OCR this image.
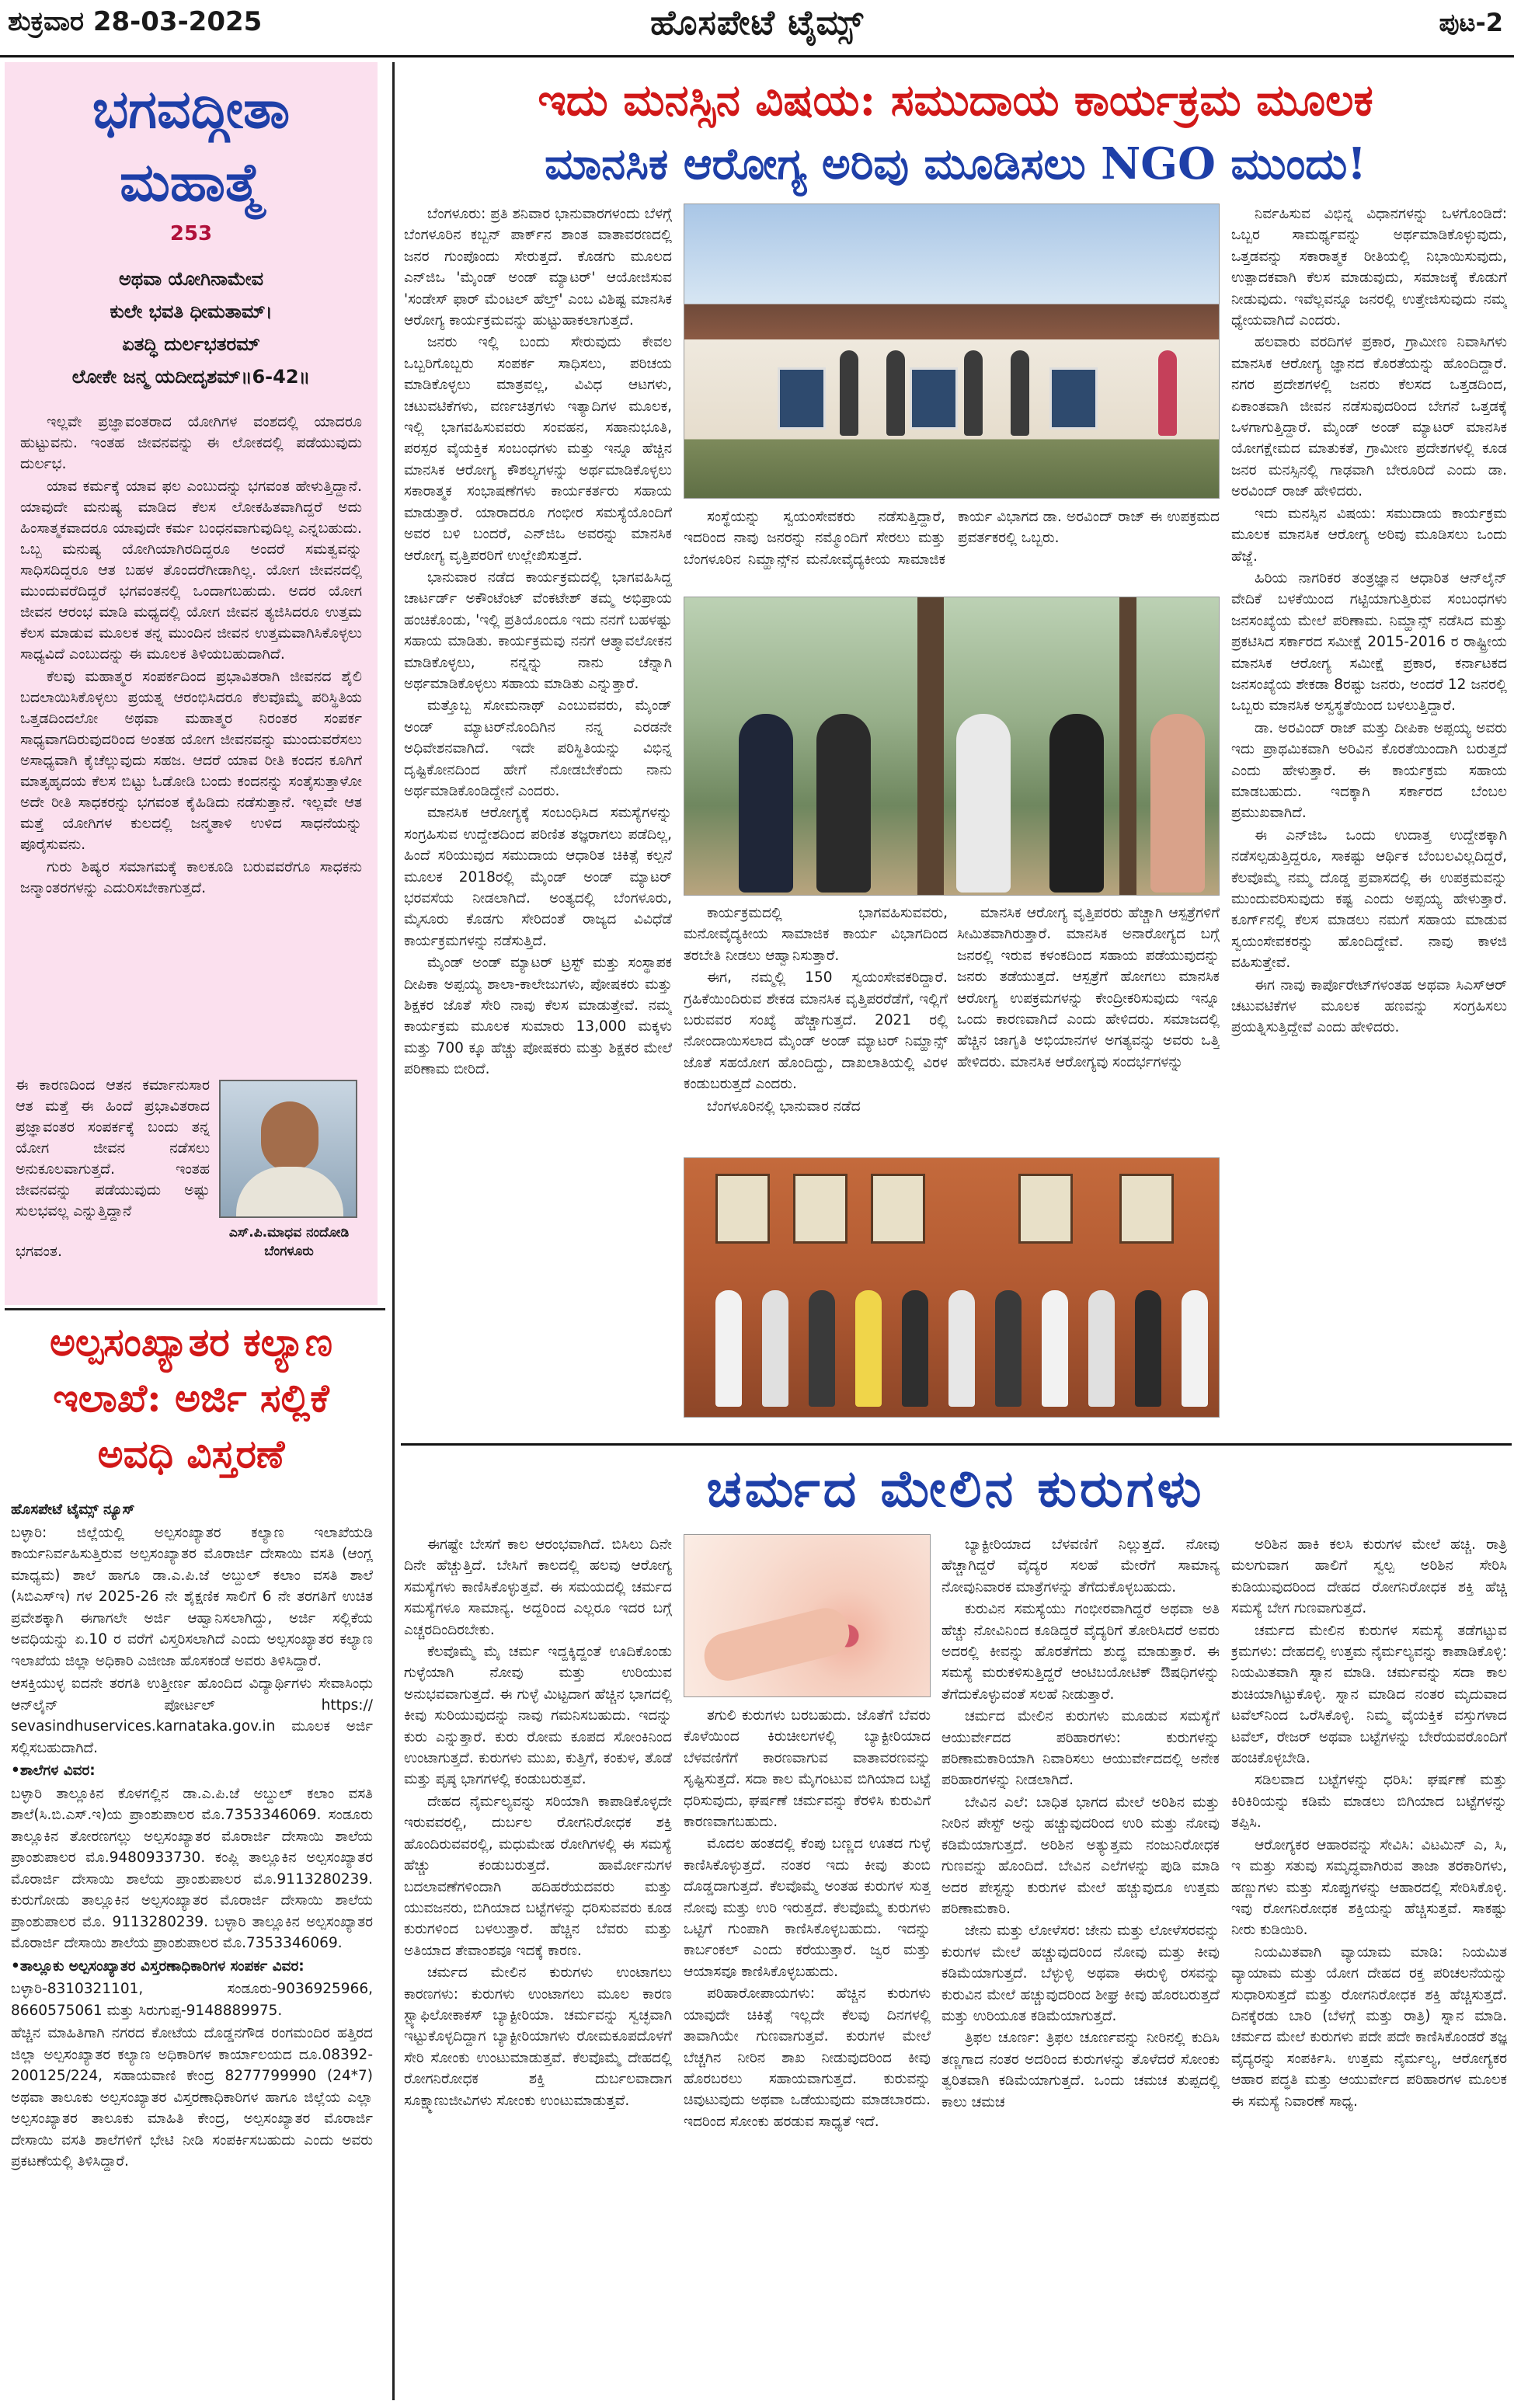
ಶುಕ್ರವಾರ 28-03-2025	ಹೊಸಪೇಟೆ ಟೈಮ್ಸ್	ಪುಟ-2
ಭಗವದ್ಗೀತಾ
ಮಹಾತ್ಮೆ
253
ಅಥವಾ ಯೋಗಿನಾಮೇವ
ಕುಲೇ ಭವತಿ ಧೀಮತಾಮ್।
ಏತದ್ಧಿ ದುರ್ಲಭತರಮ್
ಲೋಕೇ ಜನ್ಮ ಯದೀದೃಶಮ್॥6-42॥

ಇಲ್ಲವೇ ಪ್ರಜ್ಞಾವಂತರಾದ ಯೋಗಿಗಳ ವಂಶದಲ್ಲಿ ಯಾದರೂ ಹುಟ್ಟುವನು. ಇಂತಹ ಜೀವನವನ್ನು ಈ ಲೋಕದಲ್ಲಿ ಪಡೆಯುವುದು ದುರ್ಲಭ.

ಯಾವ ಕರ್ಮಕ್ಕೆ ಯಾವ ಫಲ ಎಂಬುದನ್ನು ಭಗವಂತ ಹೇಳುತ್ತಿದ್ದಾನೆ. ಯಾವುದೇ ಮನುಷ್ಯ ಮಾಡಿದ ಕೆಲಸ ಲೋಕಹಿತವಾಗಿದ್ದರೆ ಅದು ಹಿಂಸಾತ್ಮಕವಾದರೂ ಯಾವುದೇ ಕರ್ಮ ಬಂಧನವಾಗುವುದಿಲ್ಲ ಎನ್ನಬಹುದು. ಒಬ್ಬ ಮನುಷ್ಯ ಯೋಗಿಯಾಗಿರದಿದ್ದರೂ ಅಂದರೆ ಸಮತ್ವವನ್ನು ಸಾಧಿಸದಿದ್ದರೂ ಆತ ಬಹಳ ತೊಂದರೆಗೀಡಾಗಿಲ್ಲ. ಯೋಗ ಜೀವನದಲ್ಲಿ ಮುಂದುವರೆದಿದ್ದರೆ ಭಗವಂತನಲ್ಲಿ ಒಂದಾಗಬಹುದು. ಅದರ ಯೋಗ ಜೀವನ ಆರಂಭ ಮಾಡಿ ಮಧ್ಯದಲ್ಲಿ ಯೋಗ ಜೀವನ ತ್ಯಜಿಸಿದರೂ ಉತ್ತಮ ಕೆಲಸ ಮಾಡುವ ಮೂಲಕ ತನ್ನ ಮುಂದಿನ ಜೀವನ ಉತ್ತಮವಾಗಿಸಿಕೊಳ್ಳಲು ಸಾಧ್ಯವಿದೆ ಎಂಬುದನ್ನು ಈ ಮೂಲಕ ತಿಳಿಯಬಹುದಾಗಿದೆ.

ಕೆಲವು ಮಹಾತ್ಮರ ಸಂಪರ್ಕದಿಂದ ಪ್ರಭಾವಿತರಾಗಿ ಜೀವನದ ಶೈಲಿ ಬದಲಾಯಿಸಿಕೊಳ್ಳಲು ಪ್ರಯತ್ನ ಆರಂಭಿಸಿದರೂ ಕೆಲವೊಮ್ಮೆ ಪರಿಸ್ಥಿತಿಯ ಒತ್ತಡದಿಂದಲೋ ಅಥವಾ ಮಹಾತ್ಮರ ನಿರಂತರ ಸಂಪರ್ಕ ಸಾಧ್ಯವಾಗದಿರುವುದರಿಂದ ಅಂತಹ ಯೋಗ ಜೀವನವನ್ನು ಮುಂದುವರೆಸಲು ಅಸಾಧ್ಯವಾಗಿ ಕೈಚೆಲ್ಲುವುದು ಸಹಜ. ಆದರೆ ಯಾವ ರೀತಿ ಕಂದನ ಕೂಗಿಗೆ ಮಾತೃಹೃದಯ ಕೆಲಸ ಬಿಟ್ಟು ಓಡೋಡಿ ಬಂದು ಕಂದನನ್ನು ಸಂತೈಸುತ್ತಾಳೋ ಅದೇ ರೀತಿ ಸಾಧಕರನ್ನು ಭಗವಂತ ಕೈಹಿಡಿದು ನಡೆಸುತ್ತಾನೆ. ಇಲ್ಲವೇ ಆತ ಮತ್ತೆ ಯೋಗಿಗಳ ಕುಲದಲ್ಲಿ ಜನ್ಮತಾಳಿ ಉಳಿದ ಸಾಧನೆಯನ್ನು ಪೂರೈಸುವನು.

ಗುರು ಶಿಷ್ಯರ ಸಮಾಗಮಕ್ಕೆ ಕಾಲಕೂಡಿ ಬರುವವರೆಗೂ ಸಾಧಕನು ಜನ್ಮಾಂತರಗಳನ್ನು ಎದುರಿಸಬೇಕಾಗುತ್ತದೆ.

ಈ ಕಾರಣದಿಂದ ಆತನ ಕರ್ಮಾನುಸಾರ ಆತ ಮತ್ತೆ ಈ ಹಿಂದೆ ಪ್ರಭಾವಿತರಾದ ಪ್ರಜ್ಞಾವಂತರ ಸಂಪರ್ಕಕ್ಕೆ ಬಂದು ತನ್ನ ಯೋಗ ಜೀವನ ನಡೆಸಲು ಅನುಕೂಲವಾಗುತ್ತದೆ. ಇಂತಹ ಜೀವನವನ್ನು ಪಡೆಯುವುದು ಅಷ್ಟು ಸುಲಭವಲ್ಲ ಎನ್ನುತ್ತಿದ್ದಾನೆ
ಎಸ್.ಪಿ.ಮಾಧವ ನಂದೋಡಿ
ಬೆಂಗಳೂರು
ಭಗವಂತ.
ಅಲ್ಪಸಂಖ್ಯಾತರ ಕಲ್ಯಾಣ
ಇಲಾಖೆ: ಅರ್ಜಿ ಸಲ್ಲಿಕೆ
ಅವಧಿ ವಿಸ್ತರಣೆ

ಹೊಸಪೇಟೆ ಟೈಮ್ಸ್ ನ್ಯೂಸ್

ಬಳ್ಳಾರಿ: ಜಿಲ್ಲೆಯಲ್ಲಿ ಅಲ್ಪಸಂಖ್ಯಾತರ ಕಲ್ಯಾಣ ಇಲಾಖೆಯಡಿ ಕಾರ್ಯನಿರ್ವಹಿಸುತ್ತಿರುವ ಅಲ್ಪಸಂಖ್ಯಾತರ ಮೊರಾರ್ಜಿ ದೇಸಾಯಿ ವಸತಿ (ಆಂಗ್ಲ ಮಾಧ್ಯಮ) ಶಾಲೆ ಹಾಗೂ ಡಾ.ಎ.ಪಿ.ಜೆ ಅಬ್ದುಲ್ ಕಲಾಂ ವಸತಿ ಶಾಲೆ (ಸಿಬಿಎಸ್‌ಇ) ಗಳ 2025-26 ನೇ ಶೈಕ್ಷಣಿಕ ಸಾಲಿಗೆ 6 ನೇ ತರಗತಿಗೆ ಉಚಿತ ಪ್ರವೇಶಕ್ಕಾಗಿ ಈಗಾಗಲೇ ಅರ್ಜಿ ಆಹ್ವಾನಿಸಲಾಗಿದ್ದು, ಅರ್ಜಿ ಸಲ್ಲಿಕೆಯ ಅವಧಿಯನ್ನು ಏ.10 ರ ವರೆಗೆ ವಿಸ್ತರಿಸಲಾಗಿದೆ ಎಂದು ಅಲ್ಪಸಂಖ್ಯಾತರ ಕಲ್ಯಾಣ ಇಲಾಖೆಯ ಜಿಲ್ಲಾ ಅಧಿಕಾರಿ ಎಜೀಜಾ ಹೊಸಕಂಡೆ ಅವರು ತಿಳಿಸಿದ್ದಾರೆ.

ಆಸಕ್ತಿಯುಳ್ಳ ಐದನೇ ತರಗತಿ ಉತ್ತೀರ್ಣ ಹೊಂದಿದ ವಿದ್ಯಾರ್ಥಿಗಳು ಸೇವಾಸಿಂಧು ಆನ್‌ಲೈನ್ ಪೋರ್ಟಲ್ https:// sevasindhuservices.karnataka.gov.in ಮೂಲಕ ಅರ್ಜಿ ಸಲ್ಲಿಸಬಹುದಾಗಿದೆ.

•ಶಾಲೆಗಳ ವಿವರ:

ಬಳ್ಳಾರಿ ತಾಲ್ಲೂಕಿನ ಕೊಳಗಲ್ಲಿನ ಡಾ.ಎ.ಪಿ.ಜೆ ಅಬ್ದುಲ್ ಕಲಾಂ ವಸತಿ ಶಾಲೆ(ಸಿ.ಬಿ.ಎಸ್.ಇ)ಯ ಪ್ರಾಂಶುಪಾಲರ ಮೊ.7353346069. ಸಂಡೂರು ತಾಲ್ಲೂಕಿನ ತೋರಣಗಲ್ಲು ಅಲ್ಪಸಂಖ್ಯಾತರ ಮೊರಾರ್ಜಿ ದೇಸಾಯಿ ಶಾಲೆಯ ಪ್ರಾಂಶುಪಾಲರ ಮೊ.9480933730. ಕಂಪ್ಲಿ ತಾಲ್ಲೂಕಿನ ಅಲ್ಪಸಂಖ್ಯಾತರ ಮೊರಾರ್ಜಿ ದೇಸಾಯಿ ಶಾಲೆಯ ಪ್ರಾಂಶುಪಾಲರ ಮೊ.9113280239. ಕುರುಗೋಡು ತಾಲ್ಲೂಕಿನ ಅಲ್ಪಸಂಖ್ಯಾತರ ಮೊರಾರ್ಜಿ ದೇಸಾಯಿ ಶಾಲೆಯ ಪ್ರಾಂಶುಪಾಲರ ಮೊ. 9113280239. ಬಳ್ಳಾರಿ ತಾಲ್ಲೂಕಿನ ಅಲ್ಪಸಂಖ್ಯಾತರ ಮೊರಾರ್ಜಿ ದೇಸಾಯಿ ಶಾಲೆಯ ಪ್ರಾಂಶುಪಾಲರ ಮೊ.7353346069.

•ತಾಲ್ಲೂಕು ಅಲ್ಪಸಂಖ್ಯಾತರ ವಿಸ್ತರಣಾಧಿಕಾರಿಗಳ ಸಂಪರ್ಕ ವಿವರ:

ಬಳ್ಳಾರಿ-8310321101, ಸಂಡೂರು-9036925966, 8660575061 ಮತ್ತು ಸಿರುಗುಪ್ಪ-9148889975.

ಹೆಚ್ಚಿನ ಮಾಹಿತಿಗಾಗಿ ನಗರದ ಕೋಟೆಯ ದೊಡ್ಡನಗೌಡ ರಂಗಮಂದಿರ ಹತ್ತಿರದ ಜಿಲ್ಲಾ ಅಲ್ಪಸಂಖ್ಯಾತರ ಕಲ್ಯಾಣ ಅಧಿಕಾರಿಗಳ ಕಾರ್ಯಾಲಯದ ದೂ.08392-200125/224, ಸಹಾಯವಾಣಿ ಕೇಂದ್ರ 8277799990 (24*7) ಅಥವಾ ತಾಲೂಕು ಅಲ್ಪಸಂಖ್ಯಾತರ ವಿಸ್ತರಣಾಧಿಕಾರಿಗಳ ಹಾಗೂ ಜಿಲ್ಲೆಯ ಎಲ್ಲಾ ಅಲ್ಪಸಂಖ್ಯಾತರ ತಾಲೂಕು ಮಾಹಿತಿ ಕೇಂದ್ರ, ಅಲ್ಪಸಂಖ್ಯಾತರ ಮೊರಾರ್ಜಿ ದೇಸಾಯಿ ವಸತಿ ಶಾಲೆಗಳಿಗೆ ಭೇಟಿ ನೀಡಿ ಸಂಪರ್ಕಿಸಬಹುದು ಎಂದು ಅವರು ಪ್ರಕಟಣೆಯಲ್ಲಿ ತಿಳಿಸಿದ್ದಾರೆ.

ಇದು ಮನಸ್ಸಿನ ವಿಷಯ: ಸಮುದಾಯ ಕಾರ್ಯಕ್ರಮ ಮೂಲಕ
ಮಾನಸಿಕ ಆರೋಗ್ಯ ಅರಿವು ಮೂಡಿಸಲು NGO ಮುಂದು!

ಬೆಂಗಳೂರು: ಪ್ರತಿ ಶನಿವಾರ ಭಾನುವಾರಗಳಂದು ಬೆಳಗ್ಗೆ ಬೆಂಗಳೂರಿನ ಕಬ್ಬನ್ ಪಾರ್ಕ್‌ನ ಶಾಂತ ವಾತಾವರಣದಲ್ಲಿ ಜನರ ಗುಂಪೊಂದು ಸೇರುತ್ತದೆ. ಕೊಡಗು ಮೂಲದ ಎನ್‌ಜಿಒ 'ಮೈಂಡ್ ಅಂಡ್ ಮ್ಯಾಟರ್' ಆಯೋಜಿಸುವ 'ಸಂಡೇಸ್ ಫಾರ್ ಮೆಂಟಲ್ ಹೆಲ್ತ್' ಎಂಬ ವಿಶಿಷ್ಟ ಮಾನಸಿಕ ಆರೋಗ್ಯ ಕಾರ್ಯಕ್ರಮವನ್ನು ಹುಟ್ಟುಹಾಕಲಾಗುತ್ತದೆ.

ಜನರು ಇಲ್ಲಿ ಬಂದು ಸೇರುವುದು ಕೇವಲ ಒಬ್ಬರಿಗೊಬ್ಬರು ಸಂಪರ್ಕ ಸಾಧಿಸಲು, ಪರಿಚಯ ಮಾಡಿಕೊಳ್ಳಲು ಮಾತ್ರವಲ್ಲ, ವಿವಿಧ ಆಟಗಳು, ಚಟುವಟಿಕೆಗಳು, ವರ್ಣಚಿತ್ರಗಳು ಇತ್ಯಾದಿಗಳ ಮೂಲಕ, ಇಲ್ಲಿ ಭಾಗವಹಿಸುವವರು ಸಂವಹನ, ಸಹಾನುಭೂತಿ, ಪರಸ್ಪರ ವೈಯಕ್ತಿಕ ಸಂಬಂಧಗಳು ಮತ್ತು ಇನ್ನೂ ಹೆಚ್ಚಿನ ಮಾನಸಿಕ ಆರೋಗ್ಯ ಕೌಶಲ್ಯಗಳನ್ನು ಅರ್ಥಮಾಡಿಕೊಳ್ಳಲು ಸಕಾರಾತ್ಮಕ ಸಂಭಾಷಣೆಗಳು ಕಾರ್ಯಕರ್ತರು ಸಹಾಯ ಮಾಡುತ್ತಾರೆ. ಯಾರಾದರೂ ಗಂಭೀರ ಸಮಸ್ಯೆಯೊಂದಿಗೆ ಅವರ ಬಳಿ ಬಂದರೆ, ಎನ್‌ಜಿಒ ಅವರನ್ನು ಮಾನಸಿಕ ಆರೋಗ್ಯ ವೃತ್ತಿಪರರಿಗೆ ಉಲ್ಲೇಖಿಸುತ್ತದೆ.

ಭಾನುವಾರ ನಡೆದ ಕಾರ್ಯಕ್ರಮದಲ್ಲಿ ಭಾಗವಹಿಸಿದ್ದ ಚಾರ್ಟರ್ಡ್ ಅಕೌಂಟೆಂಟ್ ವೆಂಕಟೇಶ್ ತಮ್ಮ ಅಭಿಪ್ರಾಯ ಹಂಚಿಕೊಂಡು, 'ಇಲ್ಲಿ ಪ್ರತಿಯೊಂದೂ ಇದು ನನಗೆ ಬಹಳಷ್ಟು ಸಹಾಯ ಮಾಡಿತು. ಕಾರ್ಯಕ್ರಮವು ನನಗೆ ಆತ್ಮಾವಲೋಕನ ಮಾಡಿಕೊಳ್ಳಲು, ನನ್ನನ್ನು ನಾನು ಚೆನ್ನಾಗಿ ಅರ್ಥಮಾಡಿಕೊಳ್ಳಲು ಸಹಾಯ ಮಾಡಿತು ಎನ್ನುತ್ತಾರೆ.

ಮತ್ತೊಬ್ಬ ಸೋಮನಾಥ್ ಎಂಬುವವರು, ಮೈಂಡ್ ಅಂಡ್ ಮ್ಯಾಟರ್‌ನೊಂದಿಗಿನ ನನ್ನ ಎರಡನೇ ಅಧಿವೇಶನವಾಗಿದೆ. ಇದೇ ಪರಿಸ್ಥಿತಿಯನ್ನು ವಿಭಿನ್ನ ದೃಷ್ಟಿಕೋನದಿಂದ ಹೇಗೆ ನೋಡಬೇಕೆಂದು ನಾನು ಅರ್ಥಮಾಡಿಕೊಂಡಿದ್ದೇನೆ ಎಂದರು.

ಮಾನಸಿಕ ಆರೋಗ್ಯಕ್ಕೆ ಸಂಬಂಧಿಸಿದ ಸಮಸ್ಯೆಗಳನ್ನು ಸಂಗ್ರಹಿಸುವ ಉದ್ದೇಶದಿಂದ ಪರಿಣಿತ ತಜ್ಞರಾಗಲು ಪಡೆದಿಲ್ಲ, ಹಿಂದೆ ಸರಿಯುವುದ ಸಮುದಾಯ ಆಧಾರಿತ ಚಿಕಿತ್ಸೆ ಕಲ್ಪನೆ ಮೂಲಕ 2018ರಲ್ಲಿ ಮೈಂಡ್ ಅಂಡ್ ಮ್ಯಾಟರ್ ಭರವಸೆಯ ನೀಡಲಾಗಿದೆ. ಅಂತ್ಯದಲ್ಲಿ ಬೆಂಗಳೂರು, ಮೈಸೂರು ಕೊಡಗು ಸೇರಿದಂತೆ ರಾಜ್ಯದ ವಿವಿಧೆಡೆ ಕಾರ್ಯಕ್ರಮಗಳನ್ನು ನಡೆಸುತ್ತಿದೆ.

ಮೈಂಡ್ ಅಂಡ್ ಮ್ಯಾಟರ್ ಟ್ರಸ್ಟ್ ಮತ್ತು ಸಂಸ್ಥಾಪಕ ದೀಪಿಕಾ ಅಪ್ಪಯ್ಯ ಶಾಲಾ-ಕಾಲೇಜುಗಳು, ಪೋಷಕರು ಮತ್ತು ಶಿಕ್ಷಕರ ಜೊತೆ ಸೇರಿ ನಾವು ಕೆಲಸ ಮಾಡುತ್ತೇವೆ. ನಮ್ಮ ಕಾರ್ಯಕ್ರಮ ಮೂಲಕ ಸುಮಾರು 13,000 ಮಕ್ಕಳು ಮತ್ತು 700 ಕ್ಕೂ ಹೆಚ್ಚು ಪೋಷಕರು ಮತ್ತು ಶಿಕ್ಷಕರ ಮೇಲೆ ಪರಿಣಾಮ ಬೀರಿದೆ.

ಸಂಸ್ಥೆಯನ್ನು ಸ್ವಯಂಸೇವಕರು ನಡೆಸುತ್ತಿದ್ದಾರೆ, ಇದರಿಂದ ನಾವು ಜನರನ್ನು ನಮ್ಮೊಂದಿಗೆ ಸೇರಲು ಮತ್ತು ಬೆಂಗಳೂರಿನ ನಿಮ್ಹಾನ್ಸ್‌ನ ಮನೋವೈದ್ಯಕೀಯ ಸಾಮಾಜಿಕ ಕಾರ್ಯ ವಿಭಾಗದ ಡಾ. ಅರವಿಂದ್ ರಾಜ್ ಈ ಉಪಕ್ರಮದ ಪ್ರವರ್ತಕರಲ್ಲಿ ಒಬ್ಬರು.

ಕಾರ್ಯಕ್ರಮದಲ್ಲಿ ಭಾಗವಹಿಸುವವರು, ಮನೋವೈದ್ಯಕೀಯ ಸಾಮಾಜಿಕ ಕಾರ್ಯ ವಿಭಾಗದಿಂದ ತರಬೇತಿ ನೀಡಲು ಆಹ್ವಾನಿಸುತ್ತಾರೆ.

ಈಗ, ನಮ್ಮಲ್ಲಿ 150 ಸ್ವಯಂಸೇವಕರಿದ್ದಾರೆ. ಗ್ರಹಿಕೆಯಿಂದಿರುವ ಶೇಕಡ ಮಾನಸಿಕ ವೃತ್ತಿಪರರೆಡೆಗೆ, ಇಲ್ಲಿಗೆ ಬರುವವರ ಸಂಖ್ಯೆ ಹೆಚ್ಚಾಗುತ್ತದೆ. 2021 ರಲ್ಲಿ ನೋಂದಾಯಿಸಲಾದ ಮೈಂಡ್ ಅಂಡ್ ಮ್ಯಾಟರ್ ನಿಮ್ಹಾನ್ಸ್ ಜೊತೆ ಸಹಯೋಗ ಹೊಂದಿದ್ದು, ದಾಖಲಾತಿಯಲ್ಲಿ ವಿರಳ ಕಂಡುಬರುತ್ತದೆ ಎಂದರು.

ಬೆಂಗಳೂರಿನಲ್ಲಿ ಭಾನುವಾರ ನಡೆದ

ಮಾನಸಿಕ ಆರೋಗ್ಯ ವೃತ್ತಿಪರರು ಹೆಚ್ಚಾಗಿ ಆಸ್ಪತ್ರೆಗಳಿಗೆ ಸೀಮಿತವಾಗಿರುತ್ತಾರೆ. ಮಾನಸಿಕ ಅನಾರೋಗ್ಯದ ಬಗ್ಗೆ ಜನರಲ್ಲಿ ಇರುವ ಕಳಂಕದಿಂದ ಸಹಾಯ ಪಡೆಯುವುದನ್ನು ಜನರು ತಡೆಯುತ್ತದೆ. ಆಸ್ಪತ್ರೆಗೆ ಹೋಗಲು ಮಾನಸಿಕ ಆರೋಗ್ಯ ಉಪಕ್ರಮಗಳನ್ನು ಕೇಂದ್ರೀಕರಿಸುವುದು ಇನ್ನೂ ಒಂದು ಕಾರಣವಾಗಿದೆ ಎಂದು ಹೇಳಿದರು. ಸಮಾಜದಲ್ಲಿ ಹೆಚ್ಚಿನ ಜಾಗೃತಿ ಅಭಿಯಾನಗಳ ಅಗತ್ಯವನ್ನು ಅವರು ಒತ್ತಿ ಹೇಳಿದರು. ಮಾನಸಿಕ ಆರೋಗ್ಯವು ಸಂದರ್ಭಗಳನ್ನು

ನಿರ್ವಹಿಸುವ ವಿಭಿನ್ನ ವಿಧಾನಗಳನ್ನು ಒಳಗೊಂಡಿದೆ: ಒಬ್ಬರ ಸಾಮರ್ಥ್ಯವನ್ನು ಅರ್ಥಮಾಡಿಕೊಳ್ಳುವುದು, ಒತ್ತಡವನ್ನು ಸಕಾರಾತ್ಮಕ ರೀತಿಯಲ್ಲಿ ನಿಭಾಯಿಸುವುದು, ಉತ್ಪಾದಕವಾಗಿ ಕೆಲಸ ಮಾಡುವುದು, ಸಮಾಜಕ್ಕೆ ಕೊಡುಗೆ ನೀಡುವುದು. ಇವೆಲ್ಲವನ್ನೂ ಜನರಲ್ಲಿ ಉತ್ತೇಜಿಸುವುದು ನಮ್ಮ ಧ್ಯೇಯವಾಗಿದೆ ಎಂದರು.

ಹಲವಾರು ವರದಿಗಳ ಪ್ರಕಾರ, ಗ್ರಾಮೀಣ ನಿವಾಸಿಗಳು ಮಾನಸಿಕ ಆರೋಗ್ಯ ಜ್ಞಾನದ ಕೊರತೆಯನ್ನು ಹೊಂದಿದ್ದಾರೆ. ನಗರ ಪ್ರದೇಶಗಳಲ್ಲಿ ಜನರು ಕೆಲಸದ ಒತ್ತಡದಿಂದ, ಏಕಾಂತವಾಗಿ ಜೀವನ ನಡೆಸುವುದರಿಂದ ಬೇಗನೆ ಒತ್ತಡಕ್ಕೆ ಒಳಗಾಗುತ್ತಿದ್ದಾರೆ. ಮೈಂಡ್ ಅಂಡ್ ಮ್ಯಾಟರ್ ಮಾನಸಿಕ ಯೋಗಕ್ಷೇಮದ ಮಾತುಕತೆ, ಗ್ರಾಮೀಣ ಪ್ರದೇಶಗಳಲ್ಲಿ ಕೂಡ ಜನರ ಮನಸ್ಸಿನಲ್ಲಿ ಗಾಢವಾಗಿ ಬೇರೂರಿದೆ ಎಂದು ಡಾ. ಅರವಿಂದ್ ರಾಜ್ ಹೇಳಿದರು.

ಇದು ಮನಸ್ಸಿನ ವಿಷಯ: ಸಮುದಾಯ ಕಾರ್ಯಕ್ರಮ ಮೂಲಕ ಮಾನಸಿಕ ಆರೋಗ್ಯ ಅರಿವು ಮೂಡಿಸಲು ಒಂದು ಹೆಜ್ಜೆ.

ಹಿರಿಯ ನಾಗರಿಕರ ತಂತ್ರಜ್ಞಾನ ಆಧಾರಿತ ಆನ್‌ಲೈನ್ ವೇದಿಕೆ ಬಳಕೆಯಿಂದ ಗಟ್ಟಿಯಾಗುತ್ತಿರುವ ಸಂಬಂಧಗಳು ಜನಸಂಖ್ಯೆಯ ಮೇಲೆ ಪರಿಣಾಮ. ನಿಮ್ಹಾನ್ಸ್ ನಡೆಸಿದ ಮತ್ತು ಪ್ರಕಟಿಸಿದ ಸರ್ಕಾರದ ಸಮೀಕ್ಷೆ 2015-2016 ರ ರಾಷ್ಟ್ರೀಯ ಮಾನಸಿಕ ಆರೋಗ್ಯ ಸಮೀಕ್ಷೆ ಪ್ರಕಾರ, ಕರ್ನಾಟಕದ ಜನಸಂಖ್ಯೆಯ ಶೇಕಡಾ 8ರಷ್ಟು ಜನರು, ಅಂದರೆ 12 ಜನರಲ್ಲಿ ಒಬ್ಬರು ಮಾನಸಿಕ ಅಸ್ವಸ್ಥತೆಯಿಂದ ಬಳಲುತ್ತಿದ್ದಾರೆ.

ಡಾ. ಅರವಿಂದ್ ರಾಜ್ ಮತ್ತು ದೀಪಿಕಾ ಅಪ್ಪಯ್ಯ ಅವರು ಇದು ಪ್ರಾಥಮಿಕವಾಗಿ ಅರಿವಿನ ಕೊರತೆಯಿಂದಾಗಿ ಬರುತ್ತದೆ ಎಂದು ಹೇಳುತ್ತಾರೆ. ಈ ಕಾರ್ಯಕ್ರಮ ಸಹಾಯ ಮಾಡಬಹುದು. ಇದಕ್ಕಾಗಿ ಸರ್ಕಾರದ ಬೆಂಬಲ ಪ್ರಮುಖವಾಗಿದೆ.

ಈ ಎನ್‌ಜಿಒ ಒಂದು ಉದಾತ್ತ ಉದ್ದೇಶಕ್ಕಾಗಿ ನಡೆಸಲ್ಪಡುತ್ತಿದ್ದರೂ, ಸಾಕಷ್ಟು ಆರ್ಥಿಕ ಬೆಂಬಲವಿಲ್ಲದಿದ್ದರೆ, ಕೆಲವೊಮ್ಮೆ ನಮ್ಮ ದೊಡ್ಡ ಪ್ರವಾಸದಲ್ಲಿ ಈ ಉಪಕ್ರಮವನ್ನು ಮುಂದುವರಿಸುವುದು ಕಷ್ಟ ಎಂದು ಅಪ್ಪಯ್ಯ ಹೇಳುತ್ತಾರೆ. ಕೂರ್ಗ್‌ನಲ್ಲಿ ಕೆಲಸ ಮಾಡಲು ನಮಗೆ ಸಹಾಯ ಮಾಡುವ ಸ್ವಯಂಸೇವಕರನ್ನು ಹೊಂದಿದ್ದೇವೆ. ನಾವು ಕಾಳಜಿ ವಹಿಸುತ್ತೇವೆ.

ಈಗ ನಾವು ಕಾರ್ಪೊರೇಟ್‌ಗಳಂತಹ ಅಥವಾ ಸಿಎಸ್‌ಆರ್ ಚಟುವಟಿಕೆಗಳ ಮೂಲಕ ಹಣವನ್ನು ಸಂಗ್ರಹಿಸಲು ಪ್ರಯತ್ನಿಸುತ್ತಿದ್ದೇವೆ ಎಂದು ಹೇಳಿದರು.

ಚರ್ಮದ ಮೇಲಿನ ಕುರುಗಳು

ಈಗಷ್ಟೇ ಬೇಸಗೆ ಕಾಲ ಆರಂಭವಾಗಿದೆ. ಬಿಸಿಲು ದಿನೇ ದಿನೇ ಹೆಚ್ಚುತ್ತಿದೆ. ಬೇಸಿಗೆ ಕಾಲದಲ್ಲಿ ಹಲವು ಆರೋಗ್ಯ ಸಮಸ್ಯೆಗಳು ಕಾಣಿಸಿಕೊಳ್ಳುತ್ತವೆ. ಈ ಸಮಯದಲ್ಲಿ ಚರ್ಮದ ಸಮಸ್ಯೆಗಳೂ ಸಾಮಾನ್ಯ. ಅದ್ದರಿಂದ ಎಲ್ಲರೂ ಇದರ ಬಗ್ಗೆ ಎಚ್ಚರದಿಂದಿರಬೇಕು.

ಕೆಲವೊಮ್ಮೆ ಮೈ ಚರ್ಮ ಇದ್ದಕ್ಕಿದ್ದಂತೆ ಊದಿಕೊಂಡು ಗುಳ್ಳೆಯಾಗಿ ನೋವು ಮತ್ತು ಉರಿಯುವ ಅನುಭವವಾಗುತ್ತದೆ. ಈ ಗುಳ್ಳೆ ಮಿಟ್ಟದಾಗ ಹೆಚ್ಚಿನ ಭಾಗದಲ್ಲಿ ಕೀವು ಸುರಿಯುವುದನ್ನು ನಾವು ಗಮನಿಸಬಹುದು. ಇದನ್ನು ಕುರು ಎನ್ನುತ್ತಾರೆ. ಕುರು ರೋಮ ಕೂಪದ ಸೋಂಕಿನಿಂದ ಉಂಟಾಗುತ್ತದೆ. ಕುರುಗಳು ಮುಖ, ಕುತ್ತಿಗೆ, ಕಂಕುಳ, ತೊಡೆ ಮತ್ತು ಪೃಷ್ಠ ಭಾಗಗಳಲ್ಲಿ ಕಂಡುಬರುತ್ತವೆ.

ದೇಹದ ನೈರ್ಮಲ್ಯವನ್ನು ಸರಿಯಾಗಿ ಕಾಪಾಡಿಕೊಳ್ಳದೇ ಇರುವವರಲ್ಲಿ, ದುರ್ಬಲ ರೋಗನಿರೋಧಕ ಶಕ್ತಿ ಹೊಂದಿರುವವರಲ್ಲಿ, ಮಧುಮೇಹ ರೋಗಿಗಳಲ್ಲಿ ಈ ಸಮಸ್ಯೆ ಹೆಚ್ಚು ಕಂಡುಬರುತ್ತದೆ. ಹಾರ್ಮೋನುಗಳ ಬದಲಾವಣೆಗಳಿಂದಾಗಿ ಹದಿಹರೆಯದವರು ಮತ್ತು ಯುವಜನರು, ಬಿಗಿಯಾದ ಬಟ್ಟೆಗಳನ್ನು ಧರಿಸುವವರು ಕೂಡ ಕುರುಗಳಿಂದ ಬಳಲುತ್ತಾರೆ. ಹೆಚ್ಚಿನ ಬೆವರು ಮತ್ತು ಅತಿಯಾದ ತೇವಾಂಶವೂ ಇದಕ್ಕೆ ಕಾರಣ.

ಚರ್ಮದ ಮೇಲಿನ ಕುರುಗಳು ಉಂಟಾಗಲು ಕಾರಣಗಳು: ಕುರುಗಳು ಉಂಟಾಗಲು ಮೂಲ ಕಾರಣ ಸ್ಟ್ಯಾಫಿಲೋಕಾಕಸ್ ಬ್ಯಾಕ್ಟೀರಿಯಾ. ಚರ್ಮವನ್ನು ಸ್ವಚ್ಛವಾಗಿ ಇಟ್ಟುಕೊಳ್ಳದಿದ್ದಾಗ ಬ್ಯಾಕ್ಟೀರಿಯಾಗಳು ರೋಮಕೂಪದೊಳಗೆ ಸೇರಿ ಸೋಂಕು ಉಂಟುಮಾಡುತ್ತವೆ. ಕೆಲವೊಮ್ಮೆ ದೇಹದಲ್ಲಿ ರೋಗನಿರೋಧಕ ಶಕ್ತಿ ದುರ್ಬಲವಾದಾಗ ಸೂಕ್ಷ್ಮಾಣುಜೀವಿಗಳು ಸೋಂಕು ಉಂಟುಮಾಡುತ್ತವೆ.

ತಗುಲಿ ಕುರುಗಳು ಬರಬಹುದು. ಜೊತೆಗೆ ಬೆವರು ಕೊಳೆಯಿಂದ ಕಿರುಚೀಲಗಳಲ್ಲಿ ಬ್ಯಾಕ್ಟೀರಿಯಾದ ಬೆಳವಣಿಗೆಗೆ ಕಾರಣವಾಗುವ ವಾತಾವರಣವನ್ನು ಸೃಷ್ಟಿಸುತ್ತದೆ. ಸದಾ ಕಾಲ ಮೈಗಂಟುವ ಬಿಗಿಯಾದ ಬಟ್ಟೆ ಧರಿಸುವುದು, ಘರ್ಷಣೆ ಚರ್ಮವನ್ನು ಕೆರಳಿಸಿ ಕುರುವಿಗೆ ಕಾರಣವಾಗಬಹುದು.

ಮೊದಲ ಹಂತದಲ್ಲಿ ಕೆಂಪು ಬಣ್ಣದ ಊತದ ಗುಳ್ಳೆ ಕಾಣಿಸಿಕೊಳ್ಳುತ್ತದೆ. ನಂತರ ಇದು ಕೀವು ತುಂಬಿ ದೊಡ್ಡದಾಗುತ್ತದೆ. ಕೆಲವೊಮ್ಮೆ ಅಂತಹ ಕುರುಗಳ ಸುತ್ತ ನೋವು ಮತ್ತು ಉರಿ ಇರುತ್ತದೆ. ಕೆಲವೊಮ್ಮೆ ಕುರುಗಳು ಒಟ್ಟಿಗೆ ಗುಂಪಾಗಿ ಕಾಣಿಸಿಕೊಳ್ಳಬಹುದು. ಇದನ್ನು ಕಾರ್ಬಂಕಲ್ ಎಂದು ಕರೆಯುತ್ತಾರೆ. ಜ್ವರ ಮತ್ತು ಆಯಾಸವೂ ಕಾಣಿಸಿಕೊಳ್ಳಬಹುದು.

ಪರಿಹಾರೋಪಾಯಗಳು: ಹೆಚ್ಚಿನ ಕುರುಗಳು ಯಾವುದೇ ಚಿಕಿತ್ಸೆ ಇಲ್ಲದೇ ಕೆಲವು ದಿನಗಳಲ್ಲಿ ತಾವಾಗಿಯೇ ಗುಣವಾಗುತ್ತವೆ. ಕುರುಗಳ ಮೇಲೆ ಬೆಚ್ಚಗಿನ ನೀರಿನ ಶಾಖ ನೀಡುವುದರಿಂದ ಕೀವು ಹೊರಬರಲು ಸಹಾಯವಾಗುತ್ತದೆ. ಕುರುವನ್ನು ಚಿವುಟುವುದು ಅಥವಾ ಒಡೆಯುವುದು ಮಾಡಬಾರದು. ಇದರಿಂದ ಸೋಂಕು ಹರಡುವ ಸಾಧ್ಯತೆ ಇದೆ.

ಬ್ಯಾಕ್ಟೀರಿಯಾದ ಬೆಳವಣಿಗೆ ನಿಲ್ಲುತ್ತದೆ. ನೋವು ಹೆಚ್ಚಾಗಿದ್ದರೆ ವೈದ್ಯರ ಸಲಹೆ ಮೇರೆಗೆ ಸಾಮಾನ್ಯ ನೋವುನಿವಾರಕ ಮಾತ್ರೆಗಳನ್ನು ತೆಗೆದುಕೊಳ್ಳಬಹುದು.

ಕುರುವಿನ ಸಮಸ್ಯೆಯು ಗಂಭೀರವಾಗಿದ್ದರೆ ಅಥವಾ ಅತಿ ಹೆಚ್ಚು ನೋವಿನಿಂದ ಕೂಡಿದ್ದರೆ ವೈದ್ಯರಿಗೆ ತೋರಿಸಿದರೆ ಅವರು ಅದರಲ್ಲಿ ಕೀವನ್ನು ಹೊರತೆಗೆದು ಶುದ್ಧ ಮಾಡುತ್ತಾರೆ. ಈ ಸಮಸ್ಯೆ ಮರುಕಳಿಸುತ್ತಿದ್ದರೆ ಆಂಟಿಬಯೋಟಿಕ್ ಔಷಧಿಗಳನ್ನು ತೆಗೆದುಕೊಳ್ಳುವಂತೆ ಸಲಹೆ ನೀಡುತ್ತಾರೆ.

ಚರ್ಮದ ಮೇಲಿನ ಕುರುಗಳು ಮೂಡುವ ಸಮಸ್ಯೆಗೆ ಆಯುರ್ವೇದದ ಪರಿಹಾರಗಳು: ಕುರುಗಳನ್ನು ಪರಿಣಾಮಕಾರಿಯಾಗಿ ನಿವಾರಿಸಲು ಆಯುರ್ವೇದದಲ್ಲಿ ಅನೇಕ ಪರಿಹಾರಗಳನ್ನು ನೀಡಲಾಗಿದೆ.

ಬೇವಿನ ಎಲೆ: ಬಾಧಿತ ಭಾಗದ ಮೇಲೆ ಅರಿಶಿನ ಮತ್ತು ನೀರಿನ ಪೇಸ್ಟ್ ಅನ್ನು ಹಚ್ಚುವುದರಿಂದ ಉರಿ ಮತ್ತು ನೋವು ಕಡಿಮೆಯಾಗುತ್ತದೆ. ಅರಿಶಿನ ಅತ್ಯುತ್ತಮ ನಂಜುನಿರೋಧಕ ಗುಣವನ್ನು ಹೊಂದಿದೆ. ಬೇವಿನ ಎಲೆಗಳನ್ನು ಪುಡಿ ಮಾಡಿ ಅದರ ಪೇಸ್ಟನ್ನು ಕುರುಗಳ ಮೇಲೆ ಹಚ್ಚುವುದೂ ಉತ್ತಮ ಪರಿಣಾಮಕಾರಿ.

ಜೇನು ಮತ್ತು ಲೋಳೆಸರ: ಜೇನು ಮತ್ತು ಲೋಳೆಸರವನ್ನು ಕುರುಗಳ ಮೇಲೆ ಹಚ್ಚುವುದರಿಂದ ನೋವು ಮತ್ತು ಕೀವು ಕಡಿಮೆಯಾಗುತ್ತದೆ. ಬೆಳ್ಳುಳ್ಳಿ ಅಥವಾ ಈರುಳ್ಳಿ ರಸವನ್ನು ಕುರುವಿನ ಮೇಲೆ ಹಚ್ಚುವುದರಿಂದ ಶೀಘ್ರ ಕೀವು ಹೊರಬರುತ್ತದೆ ಮತ್ತು ಉರಿಯೂತ ಕಡಿಮೆಯಾಗುತ್ತದೆ.

ತ್ರಿಫಲ ಚೂರ್ಣ: ತ್ರಿಫಲ ಚೂರ್ಣವನ್ನು ನೀರಿನಲ್ಲಿ ಕುದಿಸಿ ತಣ್ಣಗಾದ ನಂತರ ಅದರಿಂದ ಕುರುಗಳನ್ನು ತೊಳೆದರೆ ಸೋಂಕು ತ್ವರಿತವಾಗಿ ಕಡಿಮೆಯಾಗುತ್ತದೆ. ಒಂದು ಚಮಚ ತುಪ್ಪದಲ್ಲಿ ಕಾಲು ಚಮಚ

ಅರಿಶಿನ ಹಾಕಿ ಕಲಸಿ ಕುರುಗಳ ಮೇಲೆ ಹಚ್ಚಿ. ರಾತ್ರಿ ಮಲಗುವಾಗ ಹಾಲಿಗೆ ಸ್ವಲ್ಪ ಅರಿಶಿನ ಸೇರಿಸಿ ಕುಡಿಯುವುದರಿಂದ ದೇಹದ ರೋಗನಿರೋಧಕ ಶಕ್ತಿ ಹೆಚ್ಚಿ ಸಮಸ್ಯೆ ಬೇಗ ಗುಣವಾಗುತ್ತದೆ.

ಚರ್ಮದ ಮೇಲಿನ ಕುರುಗಳ ಸಮಸ್ಯೆ ತಡೆಗಟ್ಟುವ ಕ್ರಮಗಳು: ದೇಹದಲ್ಲಿ ಉತ್ತಮ ನೈರ್ಮಲ್ಯವನ್ನು ಕಾಪಾಡಿಕೊಳ್ಳಿ: ನಿಯಮಿತವಾಗಿ ಸ್ನಾನ ಮಾಡಿ. ಚರ್ಮವನ್ನು ಸದಾ ಕಾಲ ಶುಚಿಯಾಗಿಟ್ಟುಕೊಳ್ಳಿ. ಸ್ನಾನ ಮಾಡಿದ ನಂತರ ಮೃದುವಾದ ಟವೆಲ್‌ನಿಂದ ಒರೆಸಿಕೊಳ್ಳಿ. ನಿಮ್ಮ ವೈಯಕ್ತಿಕ ವಸ್ತುಗಳಾದ ಟವೆಲ್, ರೇಜರ್ ಅಥವಾ ಬಟ್ಟೆಗಳನ್ನು ಬೇರೆಯವರೊಂದಿಗೆ ಹಂಚಿಕೊಳ್ಳಬೇಡಿ.

ಸಡಿಲವಾದ ಬಟ್ಟೆಗಳನ್ನು ಧರಿಸಿ: ಘರ್ಷಣೆ ಮತ್ತು ಕಿರಿಕಿರಿಯನ್ನು ಕಡಿಮೆ ಮಾಡಲು ಬಿಗಿಯಾದ ಬಟ್ಟೆಗಳನ್ನು ತಪ್ಪಿಸಿ.

ಆರೋಗ್ಯಕರ ಆಹಾರವನ್ನು ಸೇವಿಸಿ: ವಿಟಮಿನ್ ಎ, ಸಿ, ಇ ಮತ್ತು ಸತುವು ಸಮೃದ್ಧವಾಗಿರುವ ತಾಜಾ ತರಕಾರಿಗಳು, ಹಣ್ಣುಗಳು ಮತ್ತು ಸೊಪ್ಪುಗಳನ್ನು ಆಹಾರದಲ್ಲಿ ಸೇರಿಸಿಕೊಳ್ಳಿ. ಇವು ರೋಗನಿರೋಧಕ ಶಕ್ತಿಯನ್ನು ಹೆಚ್ಚಿಸುತ್ತವೆ. ಸಾಕಷ್ಟು ನೀರು ಕುಡಿಯಿರಿ.

ನಿಯಮಿತವಾಗಿ ವ್ಯಾಯಾಮ ಮಾಡಿ: ನಿಯಮಿತ ವ್ಯಾಯಾಮ ಮತ್ತು ಯೋಗ ದೇಹದ ರಕ್ತ ಪರಿಚಲನೆಯನ್ನು ಸುಧಾರಿಸುತ್ತದೆ ಮತ್ತು ರೋಗನಿರೋಧಕ ಶಕ್ತಿ ಹೆಚ್ಚಿಸುತ್ತದೆ. ದಿನಕ್ಕೆರಡು ಬಾರಿ (ಬೆಳಗ್ಗೆ ಮತ್ತು ರಾತ್ರಿ) ಸ್ನಾನ ಮಾಡಿ. ಚರ್ಮದ ಮೇಲೆ ಕುರುಗಳು ಪದೇ ಪದೇ ಕಾಣಿಸಿಕೊಂಡರೆ ತಜ್ಞ ವೈದ್ಯರನ್ನು ಸಂಪರ್ಕಿಸಿ. ಉತ್ತಮ ನೈರ್ಮಲ್ಯ, ಆರೋಗ್ಯಕರ ಆಹಾರ ಪದ್ಧತಿ ಮತ್ತು ಆಯುರ್ವೇದ ಪರಿಹಾರಗಳ ಮೂಲಕ ಈ ಸಮಸ್ಯೆ ನಿವಾರಣೆ ಸಾಧ್ಯ.
